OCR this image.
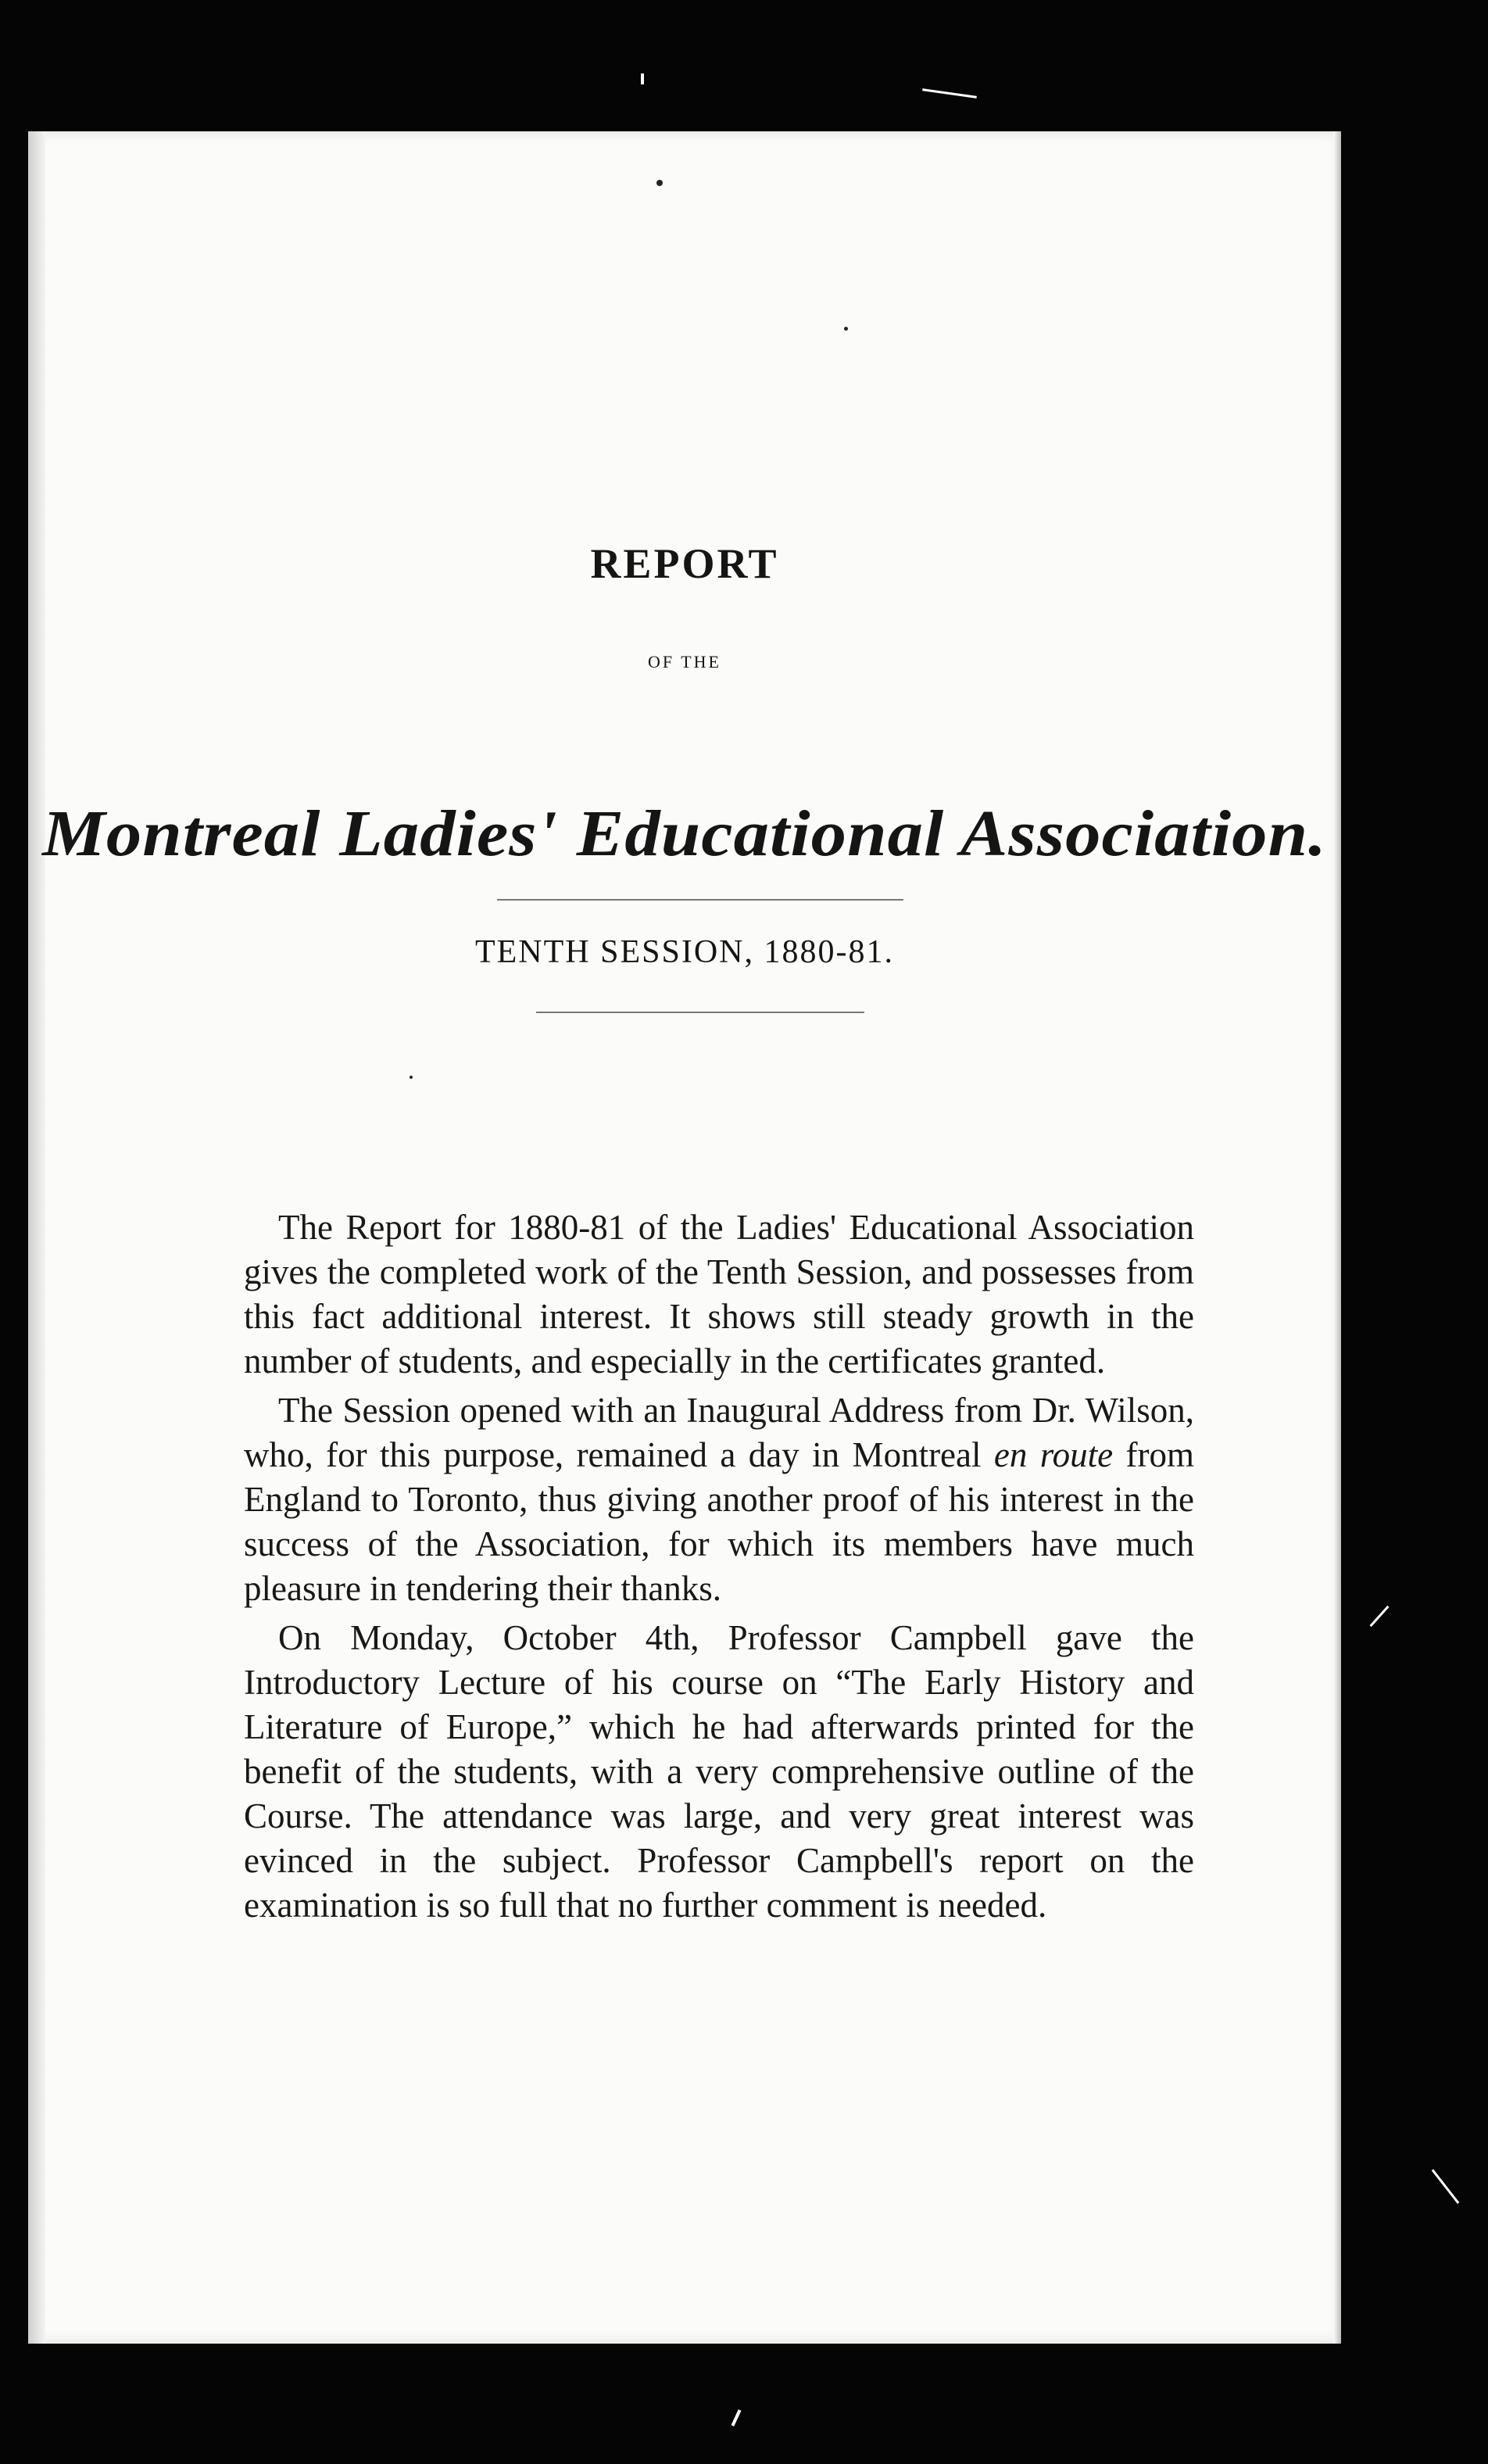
REPORT
OF THE
Montreal Ladies' Educational Association.
TENTH SESSION, 1880-81.

The Report for 1880-81 of the Ladies' Educational Association gives the completed work of the Tenth Session, and possesses from this fact additional interest. It shows still steady growth in the number of students, and especially in the certificates granted.

The Session opened with an Inaugural Address from Dr. Wilson, who, for this purpose, remained a day in Montreal en route from England to Toronto, thus giving another proof of his interest in the success of the Association, for which its members have much pleasure in tendering their thanks.

On Monday, October 4th, Professor Campbell gave the Introductory Lecture of his course on “The Early History and Literature of Europe,” which he had afterwards printed for the benefit of the students, with a very comprehensive outline of the Course. The attendance was large, and very great interest was evinced in the subject. Professor Campbell's report on the examination is so full that no further comment is needed.
